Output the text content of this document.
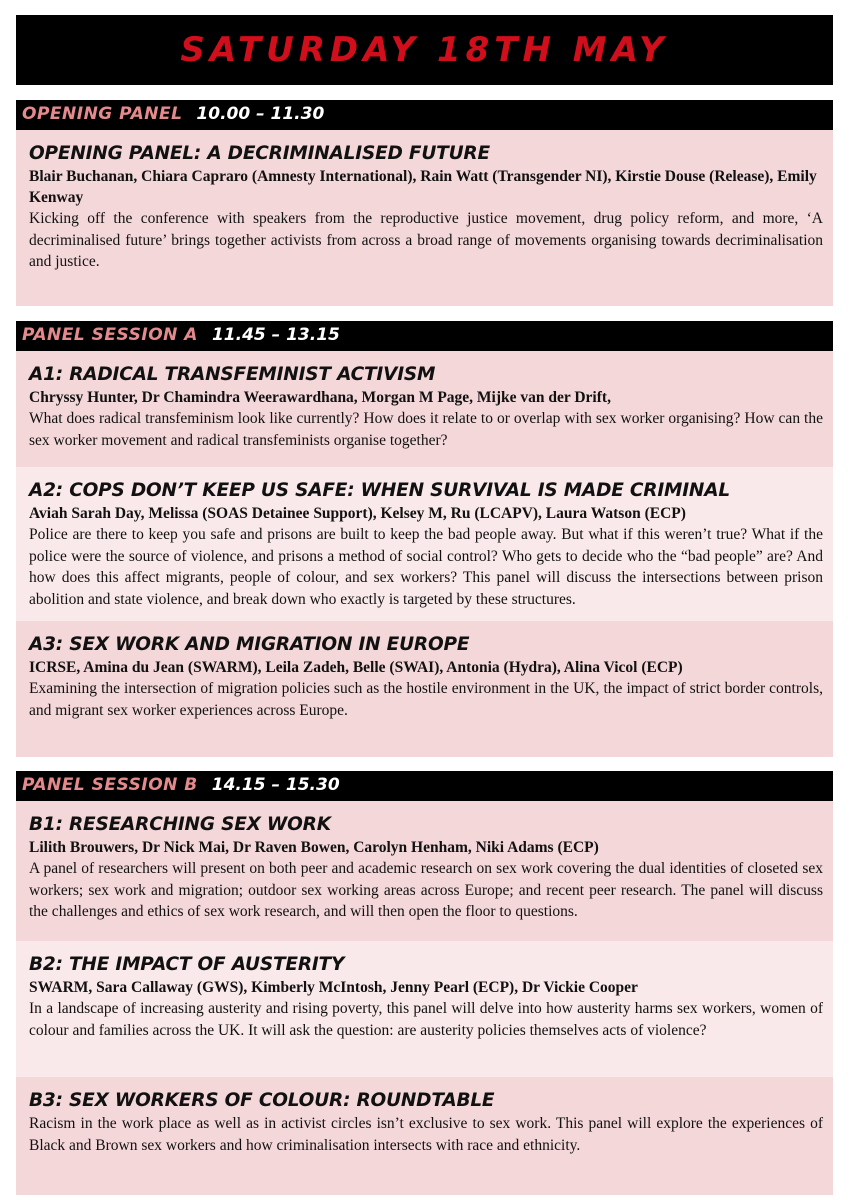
SATURDAY 18TH MAY
OPENING PANEL 10.00 – 11.30
OPENING PANEL: A DECRIMINALISED FUTURE
Blair Buchanan, Chiara Capraro (Amnesty International), Rain Watt (Transgender NI), Kirstie Douse (Release), Emily Kenway
Kicking off the conference with speakers from the reproductive justice movement, drug policy reform, and more, ‘A decriminalised future’ brings together activists from across a broad range of movements organising towards decriminalisation and justice.
PANEL SESSION A 11.45 – 13.15
A1: RADICAL TRANSFEMINIST ACTIVISM
Chryssy Hunter, Dr Chamindra Weerawardhana, Morgan M Page, Mijke van der Drift,
What does radical transfeminism look like currently? How does it relate to or overlap with sex worker organising? How can the sex worker movement and radical transfeminists organise together?
A2: COPS DON’T KEEP US SAFE: WHEN SURVIVAL IS MADE CRIMINAL
Aviah Sarah Day, Melissa (SOAS Detainee Support), Kelsey M, Ru (LCAPV), Laura Watson (ECP)
Police are there to keep you safe and prisons are built to keep the bad people away. But what if this weren’t true? What if the police were the source of violence, and prisons a method of social control? Who gets to decide who the “bad people” are? And how does this affect migrants, people of colour, and sex workers? This panel will discuss the intersections between prison abolition and state violence, and break down who exactly is targeted by these structures.
A3: SEX WORK AND MIGRATION IN EUROPE
ICRSE, Amina du Jean (SWARM), Leila Zadeh, Belle (SWAI), Antonia (Hydra), Alina Vicol (ECP)
Examining the intersection of migration policies such as the hostile environment in the UK, the impact of strict border controls, and migrant sex worker experiences across Europe.
PANEL SESSION B 14.15 – 15.30
B1: RESEARCHING SEX WORK
Lilith Brouwers, Dr Nick Mai, Dr Raven Bowen, Carolyn Henham, Niki Adams (ECP)
A panel of researchers will present on both peer and academic research on sex work covering the dual identities of closeted sex workers; sex work and migration; outdoor sex working areas across Europe; and recent peer research. The panel will discuss the challenges and ethics of sex work research, and will then open the floor to questions.
B2: THE IMPACT OF AUSTERITY
SWARM, Sara Callaway (GWS), Kimberly McIntosh, Jenny Pearl (ECP), Dr Vickie Cooper
In a landscape of increasing austerity and rising poverty, this panel will delve into how austerity harms sex workers, women of colour and families across the UK. It will ask the question: are austerity policies themselves acts of violence?
B3: SEX WORKERS OF COLOUR: ROUNDTABLE
Racism in the work place as well as in activist circles isn’t exclusive to sex work. This panel will explore the experiences of Black and Brown sex workers and how criminalisation intersects with race and ethnicity.
